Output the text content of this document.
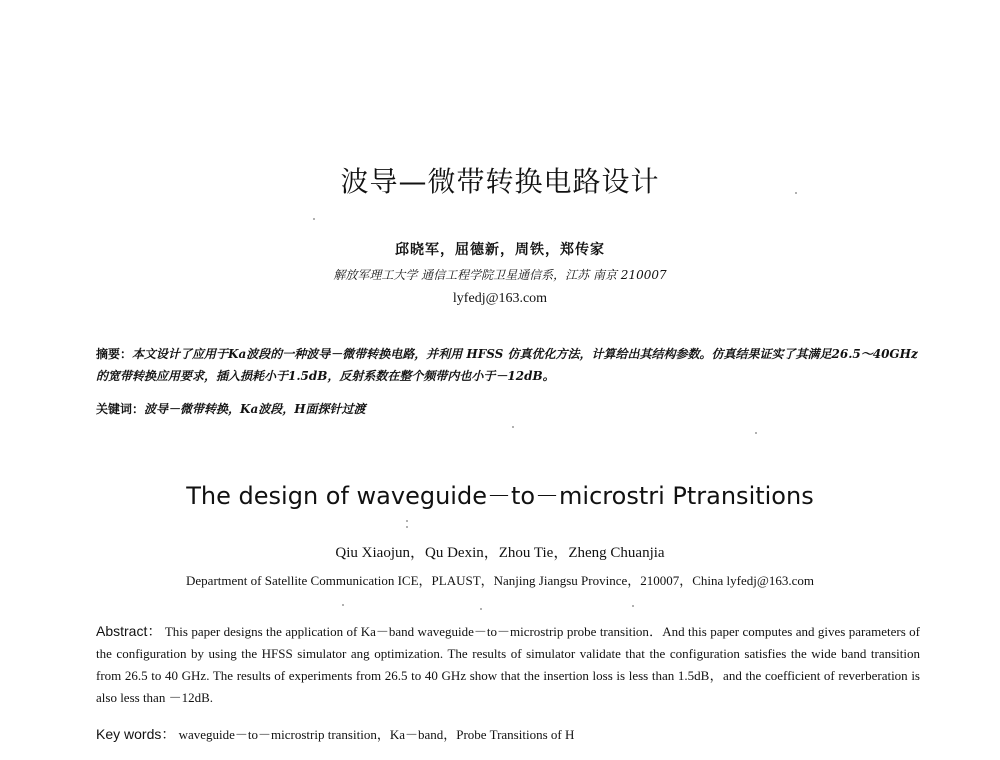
波导—微带转换电路设计
邱晓军，屈德新，周铁，郑传家
解放军理工大学 通信工程学院卫星通信系，江苏 南京 210007
lyfedj@163.com
摘要：本文设计了应用于Ka波段的一种波导－微带转换电路，并利用 HFSS 仿真优化方法，计算给出其结构参数。仿真结果证实了其满足26.5～40GHz的宽带转换应用要求，插入损耗小于1.5dB，反射系数在整个频带内也小于－12dB。
关键词：波导－微带转换，Ka波段，H面探针过渡
The design of waveguide－to－microstri Ptransitions
Qiu Xiaojun，Qu Dexin，Zhou Tie，Zheng Chuanjia
Department of Satellite Communication ICE，PLAUST，Nanjing Jiangsu Province，210007，China lyfedj@163.com
Abstract： This paper designs the application of Ka－band waveguide－to－microstrip probe transition．And this paper computes and gives parameters of the configuration by using the HFSS simulator ang optimization. The results of simulator validate that the configuration satisfies the wide band transition from 26.5 to 40 GHz. The results of experiments from 26.5 to 40 GHz show that the insertion loss is less than 1.5dB，and the coefficient of reverberation is also less than －12dB.
Key words： waveguide－to－microstrip transition，Ka－band，Probe Transitions of H
